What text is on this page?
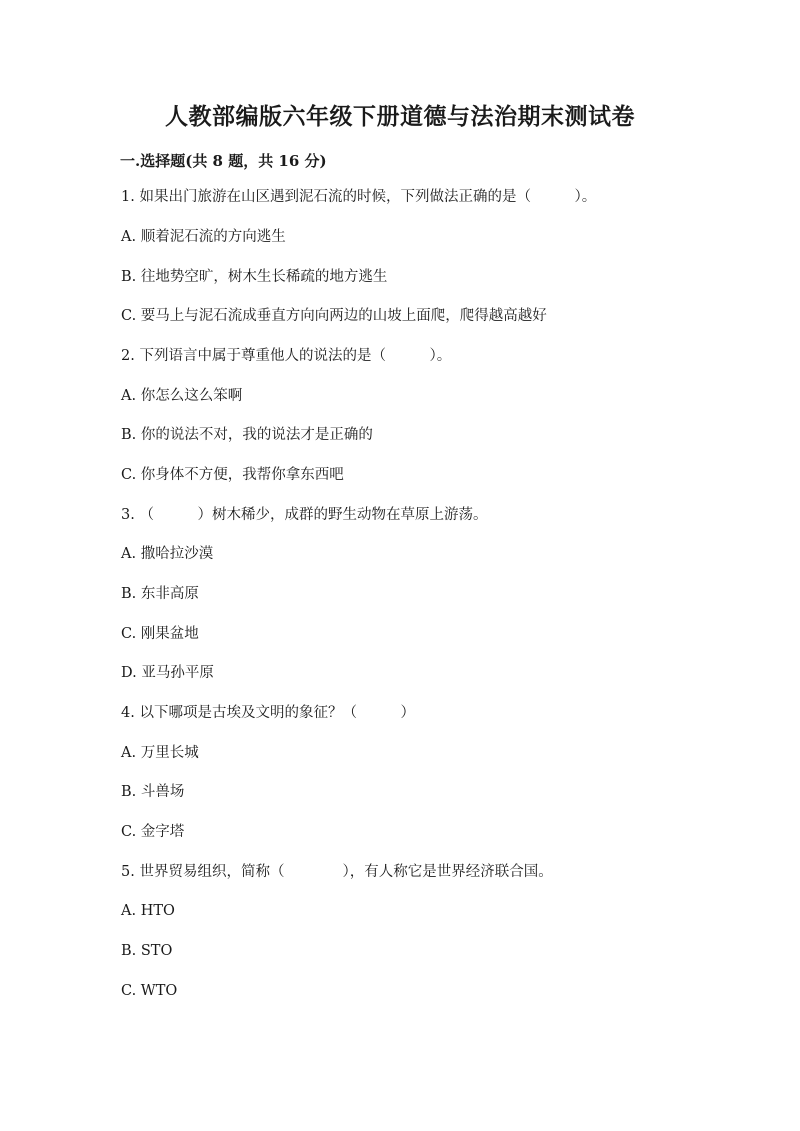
人教部编版六年级下册道德与法治期末测试卷
一.选择题(共 8 题，共 16 分)
1. 如果出门旅游在山区遇到泥石流的时候，下列做法正确的是（　　　）。
A. 顺着泥石流的方向逃生
B. 往地势空旷，树木生长稀疏的地方逃生
C. 要马上与泥石流成垂直方向向两边的山坡上面爬，爬得越高越好
2. 下列语言中属于尊重他人的说法的是（　　　）。
A. 你怎么这么笨啊
B. 你的说法不对，我的说法才是正确的
C. 你身体不方便，我帮你拿东西吧
3. （　　　）树木稀少，成群的野生动物在草原上游荡。
A. 撒哈拉沙漠
B. 东非高原
C. 刚果盆地
D. 亚马孙平原
4. 以下哪项是古埃及文明的象征？（　　　）
A. 万里长城
B. 斗兽场
C. 金字塔
5. 世界贸易组织，简称（　　　　），有人称它是世界经济联合国。
A. HTO
B. STO
C. WTO
